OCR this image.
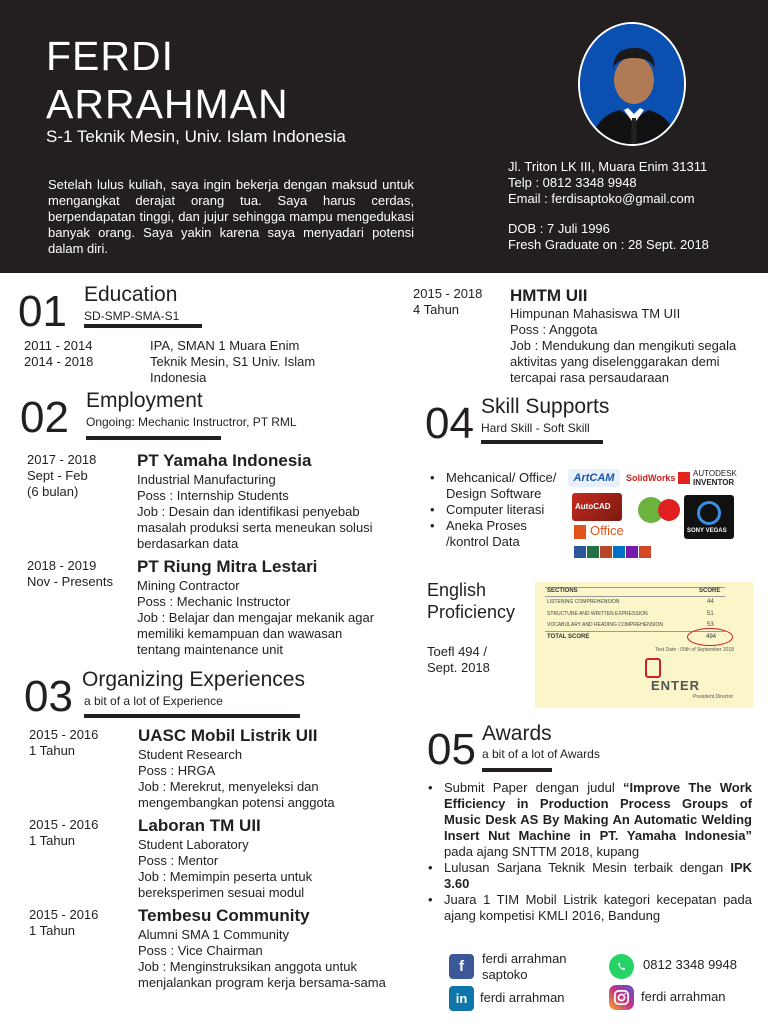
FERDI
ARRAHMAN
S-1 Teknik Mesin, Univ. Islam Indonesia
Setelah lulus kuliah, saya ingin bekerja dengan maksud untuk mengangkat derajat orang tua. Saya harus cerdas, berpendapatan tinggi, dan jujur sehingga mampu mengedukasi banyak orang. Saya yakin karena saya menyadari potensi dalam diri.
Jl. Triton LK III, Muara Enim 31311
Telp : 0812 3348 9948
Email : ferdisaptoko@gmail.com
DOB : 7 Juli 1996
Fresh Graduate on : 28 Sept. 2018
01 Education
SD-SMP-SMA-S1
2011 - 2014	IPA, SMAN 1 Muara Enim
2014 - 2018	Teknik Mesin, S1 Univ. Islam Indonesia
02 Employment
Ongoing: Mechanic Instructror, PT RML
2017 - 2018
Sept - Feb
(6 bulan)
PT Yamaha Indonesia
Industrial Manufacturing
Poss : Internship Students
Job : Desain dan identifikasi penyebab masalah produksi serta meneukan solusi berdasarkan data
2018 - 2019
Nov - Presents
PT Riung Mitra Lestari
Mining Contractor
Poss : Mechanic Instructor
Job : Belajar dan mengajar mekanik agar memiliki kemampuan dan wawasan tentang maintenance unit
03 Organizing Experiences
a bit of a lot of Experience
2015 - 2016
1 Tahun
UASC Mobil Listrik UII
Student Research
Poss : HRGA
Job : Merekrut, menyeleksi dan mengembangkan potensi anggota
2015 - 2016
1 Tahun
Laboran TM UII
Student Laboratory
Poss : Mentor
Job : Memimpin peserta untuk bereksperimen sesuai modul
2015 - 2016
1 Tahun
Tembesu Community
Alumni SMA 1 Community
Poss : Vice Chairman
Job : Menginstruksikan anggota untuk menjalankan program kerja bersama-sama
2015 - 2018
4 Tahun
HMTM UII
Himpunan Mahasiswa TM UII
Poss : Anggota
Job : Mendukung dan mengikuti segala aktivitas yang diselenggarakan demi tercapai rasa persaudaraan
04 Skill Supports
Hard Skill - Soft Skill
• Mehcanical/ Office/ Design Software
• Computer literasi
• Aneka Proses /kontrol Data
ArtCAM	SolidWorks AUTODESK
INVENTOR
AutoCAD
SONY VEGAS
Office
English
Proficiency
Toefl 494 /
Sept. 2018
SECTIONS	SCORE
LISTENING COMPREHENSION	44
STRUCTURE AND WRITTEN EXPRESSION	51
VOCABULARY AND READING COMPREHENSION	53
TOTAL SCORE	494
Test Date : 05th of September 2018
ENTER
President Director
05 Awards
a bit of a lot of Awards
• Submit Paper dengan judul “Improve The Work Efficiency in Production Process Groups of Music Desk AS By Making An Automatic Welding Insert Nut Machine in PT. Yamaha Indonesia” pada ajang SNTTM 2018, kupang
• Lulusan Sarjana Teknik Mesin terbaik dengan IPK 3.60
• Juara 1 TIM Mobil Listrik kategori kecepatan pada ajang kompetisi KMLI 2016, Bandung
f	ferdi arrahman
saptoko
0812 3348 9948
in ferdi arrahman	ferdi arrahman
